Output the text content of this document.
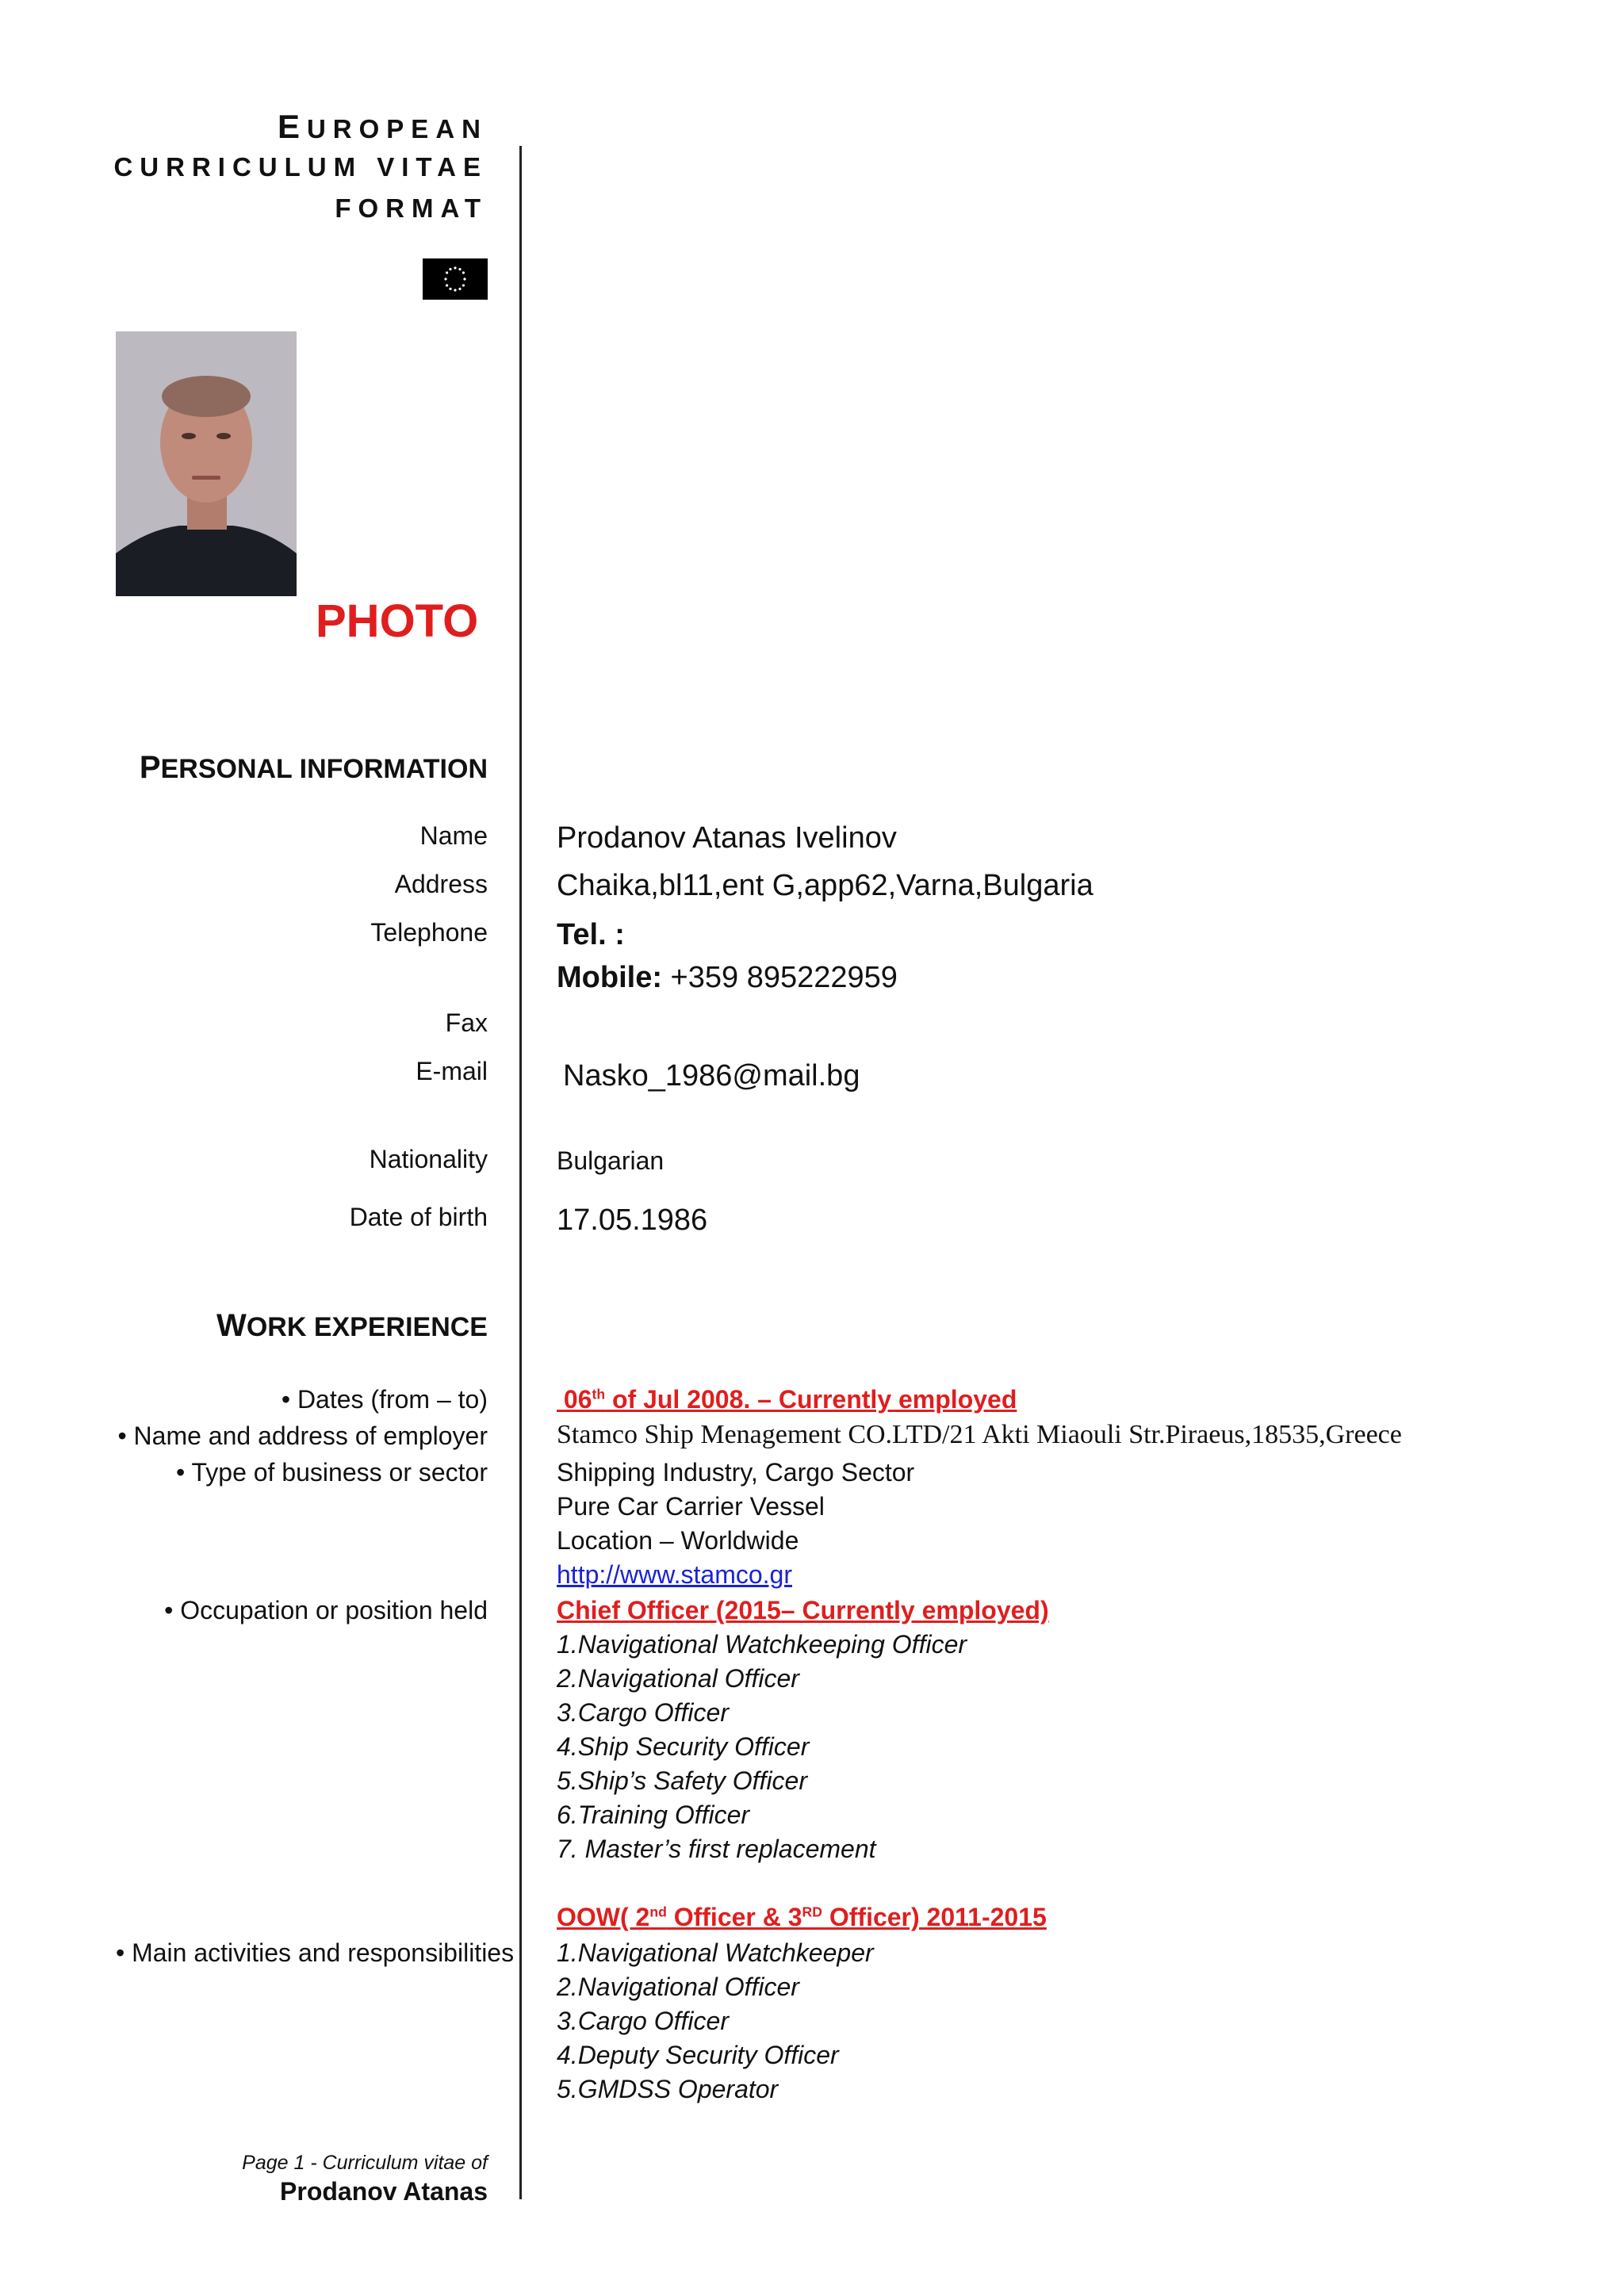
EUROPEAN
CURRICULUM VITAE
FORMAT
PHOTO
PERSONAL INFORMATION
Name Prodanov Atanas Ivelinov
Address Chaika,bl11,ent G,app62,Varna,Bulgaria
Telephone Tel. :
Mobile: +359 895222959
Fax
E-mail	Nasko_1986@mail.bg
Nationality	Bulgarian
Date of birth 17.05.1986
WORK EXPERIENCE
• Dates (from – to)	06th of Jul 2008. – Currently employed
• Name and address of employer	Stamco Ship Menagement CO.LTD/21 Akti Miaouli Str.Piraeus,18535,Greece
• Type of business or sector	Shipping Industry, Cargo Sector
Pure Car Carrier Vessel
Location – Worldwide
http://www.stamco.gr
• Occupation or position held	Chief Officer (2015– Currently employed)
1.Navigational Watchkeeping Officer
2.Navigational Officer
3.Cargo Officer
4.Ship Security Officer
5.Ship’s Safety Officer
6.Training Officer
7. Master’s first replacement
OOW( 2nd Officer & 3RD Officer) 2011-2015
• Main activities and responsibilities 1.Navigational Watchkeeper
2.Navigational Officer
3.Cargo Officer
4.Deputy Security Officer
5.GMDSS Operator
Page 1 - Curriculum vitae of
Prodanov Atanas
